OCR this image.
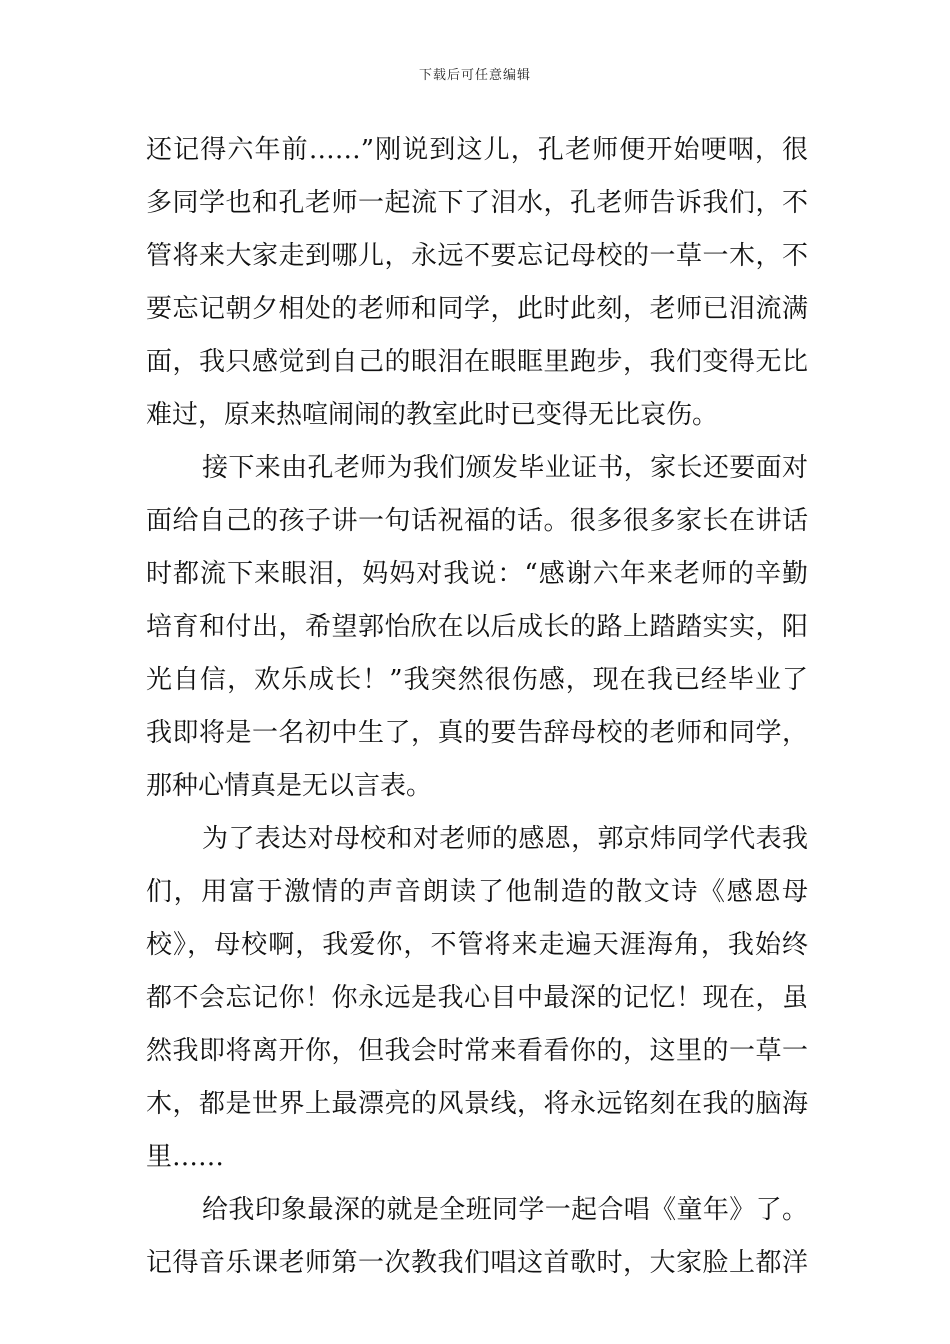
下载后可任意编辑
还记得六年前……”刚说到这儿，孔老师便开始哽咽，很
多同学也和孔老师一起流下了泪水，孔老师告诉我们，不
管将来大家走到哪儿，永远不要忘记母校的一草一木，不
要忘记朝夕相处的老师和同学，此时此刻，老师已泪流满
面，我只感觉到自己的眼泪在眼眶里跑步，我们变得无比
难过，原来热喧闹闹的教室此时已变得无比哀伤。
接下来由孔老师为我们颁发毕业证书，家长还要面对
面给自己的孩子讲一句话祝福的话。很多很多家长在讲话
时都流下来眼泪，妈妈对我说：“感谢六年来老师的辛勤
培育和付出，希望郭怡欣在以后成长的路上踏踏实实，阳
光自信，欢乐成长！”我突然很伤感，现在我已经毕业了
我即将是一名初中生了，真的要告辞母校的老师和同学，
那种心情真是无以言表。
为了表达对母校和对老师的感恩，郭京炜同学代表我
们，用富于激情的声音朗读了他制造的散文诗《感恩母
校》，母校啊，我爱你，不管将来走遍天涯海角，我始终
都不会忘记你！你永远是我心目中最深的记忆！现在，虽
然我即将离开你，但我会时常来看看你的，这里的一草一
木，都是世界上最漂亮的风景线，将永远铭刻在我的脑海
里……
给我印象最深的就是全班同学一起合唱《童年》了。
记得音乐课老师第一次教我们唱这首歌时，大家脸上都洋
